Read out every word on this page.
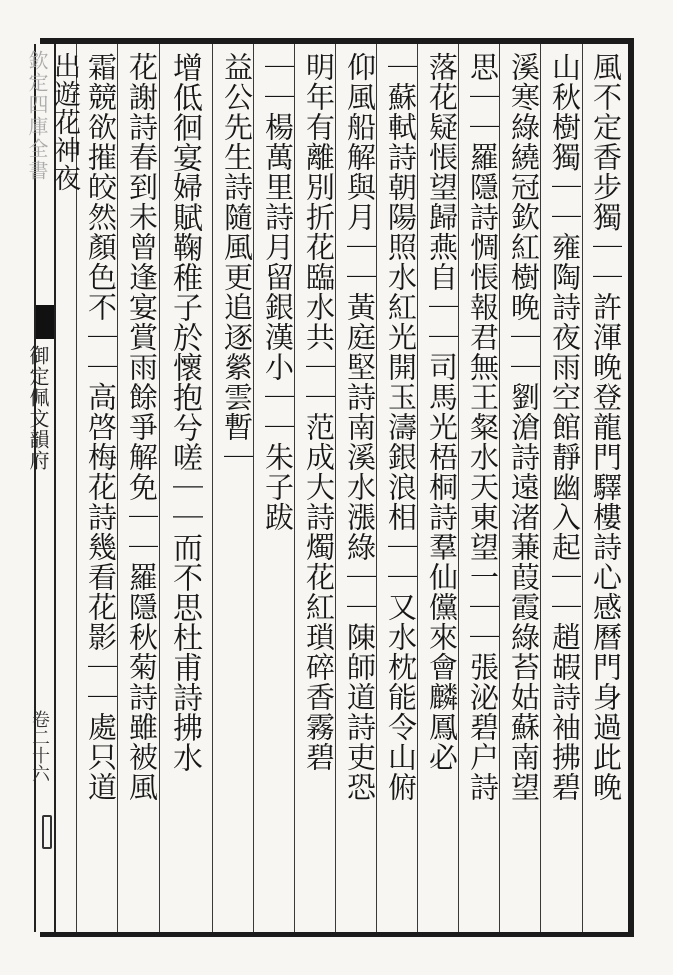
欽定四庫全書
御定佩文韻府
卷二十六	風不定香步獨｜｜許渾晚登龍門驛樓詩心感曆門身過此晚
山秋樹獨｜｜雍陶詩夜雨空館靜幽入起｜｜趙嘏詩袖拂碧
溪寒綠繞冠欽紅樹晚｜｜劉滄詩遠渚蒹葭霞綠苔姑蘇南望
思｜｜羅隱詩惆悵報君無王粲水天東望一｜｜張泌碧户詩
落花疑悵望歸燕自｜｜司馬光梧桐詩羣仙儻來會麟鳳必
｜蘇軾詩朝陽照水紅光開玉濤銀浪相｜｜又水枕能令山俯
仰風船解與月｜｜黃庭堅詩南溪水漲綠｜｜陳師道詩吏恐
明年有離別折花臨水共｜｜范成大詩燭花紅瑣碎香霧碧
｜｜楊萬里詩月留銀漢小｜｜朱子跋
益公先生詩隨風更追逐縈雲暫｜
增低徊宴婦賦鞠稚子於懷抱兮嗟｜｜而不思杜甫詩拂水
花謝詩春到未曾逢宴賞雨餘爭解免｜｜羅隱秋菊詩雖被風
霜競欲摧皎然顏色不｜｜高啓梅花詩幾看花影｜｜處只道
出遊花神夜
